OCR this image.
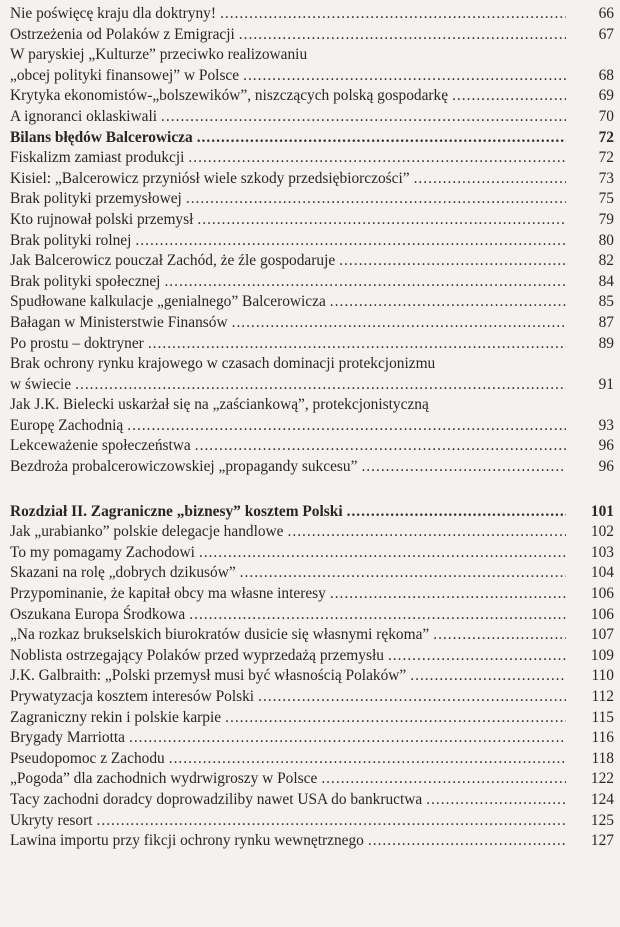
Nie poświęcę kraju dla doktryny! .....	66
Ostrzeżenia od Polaków z Emigracji .....	67
W paryskiej „Kulturze” przeciwko realizowaniu
„obcej polityki finansowej” w Polsce .....	68
Krytyka ekonomistów-„bolszewików”, niszczących polską gospodarkę .....	69
A ignoranci oklaskiwali .....	70
Bilans błędów Balcerowicza .....	72
Fiskalizm zamiast produkcji .....	72
Kisiel: „Balcerowicz przyniósł wiele szkody przedsiębiorczości” .....	73
Brak polityki przemysłowej .....	75
Kto rujnował polski przemysł .....	79
Brak polityki rolnej .....	80
Jak Balcerowicz pouczał Zachód, że źle gospodaruje .....	82
Brak polityki społecznej .....	84
Spudłowane kalkulacje „genialnego” Balcerowicza .....	85
Bałagan w Ministerstwie Finansów .....	87
Po prostu – doktryner .....	89
Brak ochrony rynku krajowego w czasach dominacji protekcjonizmu
w świecie .....	91
Jak J.K. Bielecki uskarżał się na „zaściankową”, protekcjonistyczną
Europę Zachodnią .....	93
Lekceważenie społeczeństwa .....	96
Bezdroża probalcerowiczowskiej „propagandy sukcesu” .....	96
Rozdział II. Zagraniczne „biznesy” kosztem Polski .....	101
Jak „urabianko” polskie delegacje handlowe .....	102
To my pomagamy Zachodowi .....	103
Skazani na rolę „dobrych dzikusów” .....	104
Przypominanie, że kapitał obcy ma własne interesy .....	106
Oszukana Europa Środkowa .....	106
„Na rozkaz brukselskich biurokratów dusicie się własnymi rękoma” .....	107
Noblista ostrzegający Polaków przed wyprzedażą przemysłu .....	109
J.K. Galbraith: „Polski przemysł musi być własnością Polaków” .....	110
Prywatyzacja kosztem interesów Polski .....	112
Zagraniczny rekin i polskie karpie .....	115
Brygady Marriotta .....	116
Pseudopomoc z Zachodu .....	118
„Pogoda” dla zachodnich wydrwigroszy w Polsce .....	122
Tacy zachodni doradcy doprowadziliby nawet USA do bankructwa .....	124
Ukryty resort .....	125
Lawina importu przy fikcji ochrony rynku wewnętrznego .....	127
